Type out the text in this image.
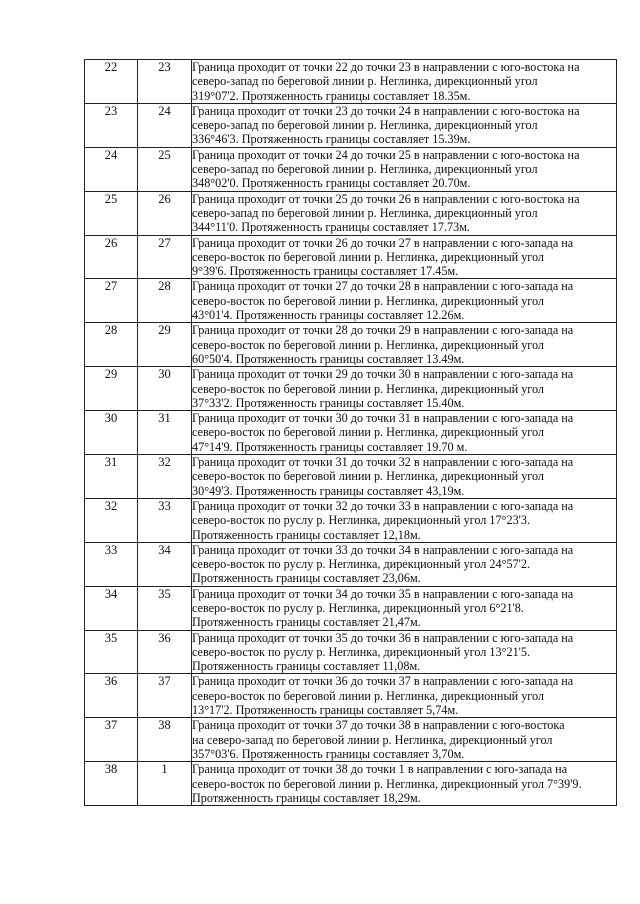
22	23	Граница проходит от точки 22 до точки 23 в направлении с юго-востока на
северо-запад по береговой линии р. Неглинка, дирекционный угол
319°07'2. Протяженность границы составляет 18.35м.

23	24	Граница проходит от точки 23 до точки 24 в направлении с юго-востока на
северо-запад по береговой линии р. Неглинка, дирекционный угол
336°46'3. Протяженность границы составляет 15.39м.

24	25	Граница проходит от точки 24 до точки 25 в направлении с юго-востока на
северо-запад по береговой линии р. Неглинка, дирекционный угол
348°02'0. Протяженность границы составляет 20.70м.

25	26	Граница проходит от точки 25 до точки 26 в направлении с юго-востока на
северо-запад по береговой линии р. Неглинка, дирекционный угол
344°11'0. Протяженность границы составляет 17.73м.

26	27	Граница проходит от точки 26 до точки 27 в направлении с юго-запада на
северо-восток по береговой линии р. Неглинка, дирекционный угол
9°39'6. Протяженность границы составляет 17.45м.

27	28	Граница проходит от точки 27 до точки 28 в направлении с юго-запада на
северо-восток по береговой линии р. Неглинка, дирекционный угол
43°01'4. Протяженность границы составляет 12.26м.

28	29	Граница проходит от точки 28 до точки 29 в направлении с юго-запада на
северо-восток по береговой линии р. Неглинка, дирекционный угол
60°50'4. Протяженность границы составляет 13.49м.

29	30	Граница проходит от точки 29 до точки 30 в направлении с юго-запада на
северо-восток по береговой линии р. Неглинка, дирекционный угол
37°33'2. Протяженность границы составляет 15.40м.

30	31	Граница проходит от точки 30 до точки 31 в направлении с юго-запада на
северо-восток по береговой линии р. Неглинка, дирекционный угол
47°14'9. Протяженность границы составляет 19.70 м.

31	32	Граница проходит от точки 31 до точки 32 в направлении с юго-запада на
северо-восток по береговой линии р. Неглинка, дирекционный угол
30°49'3. Протяженность границы составляет 43,19м.

32	33	Граница проходит от точки 32 до точки 33 в направлении с юго-запада на
северо-восток по руслу р. Неглинка, дирекционный угол 17°23'3.
Протяженность границы составляет 12,18м.

33	34	Граница проходит от точки 33 до точки 34 в направлении с юго-запада на
северо-восток по руслу р. Неглинка, дирекционный угол 24°57'2.
Протяженность границы составляет 23,06м.

34	35	Граница проходит от точки 34 до точки 35 в направлении с юго-запада на
северо-восток по руслу р. Неглинка, дирекционный угол 6°21'8.
Протяженность границы составляет 21,47м.

35	36	Граница проходит от точки 35 до точки 36 в направлении с юго-запада на
северо-восток по руслу р. Неглинка, дирекционный угол 13°21'5.
Протяженность границы составляет 11,08м.

36	37	Граница проходит от точки 36 до точки 37 в направлении с юго-запада на
северо-восток по береговой линии р. Неглинка, дирекционный угол
13°17'2. Протяженность границы составляет 5,74м.

37	38	Граница проходит от точки 37 до точки 38 в направлении с юго-востока
на северо-запад по береговой линии р. Неглинка, дирекционный угол
357°03'6. Протяженность границы составляет 3,70м.

38	1	Граница проходит от точки 38 до точки 1 в направлении с юго-запада на
северо-восток по береговой линии р. Неглинка, дирекционный угол 7°39'9.
Протяженность границы составляет 18,29м.
